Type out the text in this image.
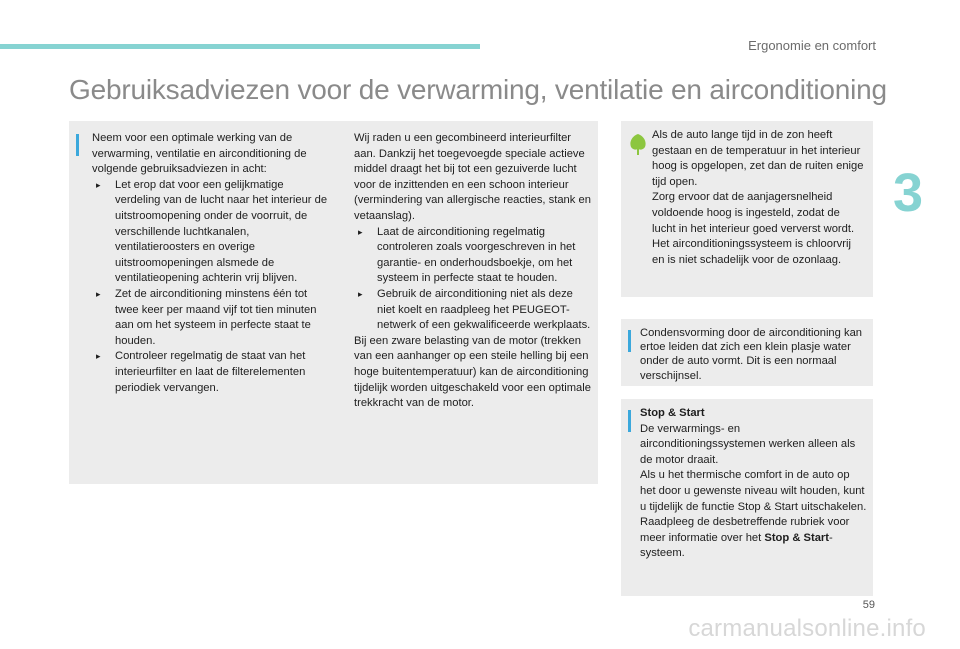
Ergonomie en comfort
3
Gebruiksadviezen voor de verwarming, ventilatie en airconditioning

Neem voor een optimale werking van de verwarming, ventilatie en airconditioning de volgende gebruiksadviezen in acht:

▸ Let erop dat voor een gelijkmatige verdeling van de lucht naar het interieur de uitstroomopening onder de voorruit, de verschillende luchtkanalen, ventilatieroosters en overige uitstroomopeningen alsmede de ventilatieopening achterin vrij blijven.
▸ Zet de airconditioning minstens één tot twee keer per maand vijf tot tien minuten aan om het systeem in perfecte staat te houden.
▸ Controleer regelmatig de staat van het interieurfilter en laat de filterelementen periodiek vervangen.

Wij raden u een gecombineerd interieurfilter aan. Dankzij het toegevoegde speciale actieve middel draagt het bij tot een gezuiverde lucht voor de inzittenden en een schoon interieur (vermindering van allergische reacties, stank en vetaanslag).

▸ Laat de airconditioning regelmatig controleren zoals voorgeschreven in het garantie- en onderhoudsboekje, om het systeem in perfecte staat te houden.
▸ Gebruik de airconditioning niet als deze niet koelt en raadpleeg het PEUGEOT-netwerk of een gekwalificeerde werkplaats.

Bij een zware belasting van de motor (trekken van een aanhanger op een steile helling bij een hoge buitentemperatuur) kan de airconditioning tijdelijk worden uitgeschakeld voor een optimale trekkracht van de motor.

Als de auto lange tijd in de zon heeft gestaan en de temperatuur in het interieur hoog is opgelopen, zet dan de ruiten enige tijd open.

Zorg ervoor dat de aanjagersnelheid voldoende hoog is ingesteld, zodat de lucht in het interieur goed ververst wordt.

Het airconditioningssysteem is chloorvrij en is niet schadelijk voor de ozonlaag.

Condensvorming door de airconditioning kan ertoe leiden dat zich een klein plasje water onder de auto vormt. Dit is een normaal verschijnsel.

Stop & Start

De verwarmings- en airconditioningssystemen werken alleen als de motor draait.

Als u het thermische comfort in de auto op het door u gewenste niveau wilt houden, kunt u tijdelijk de functie Stop & Start uitschakelen.

Raadpleeg de desbetreffende rubriek voor meer informatie over het Stop & Start-systeem.

59
carmanualsonline.info
